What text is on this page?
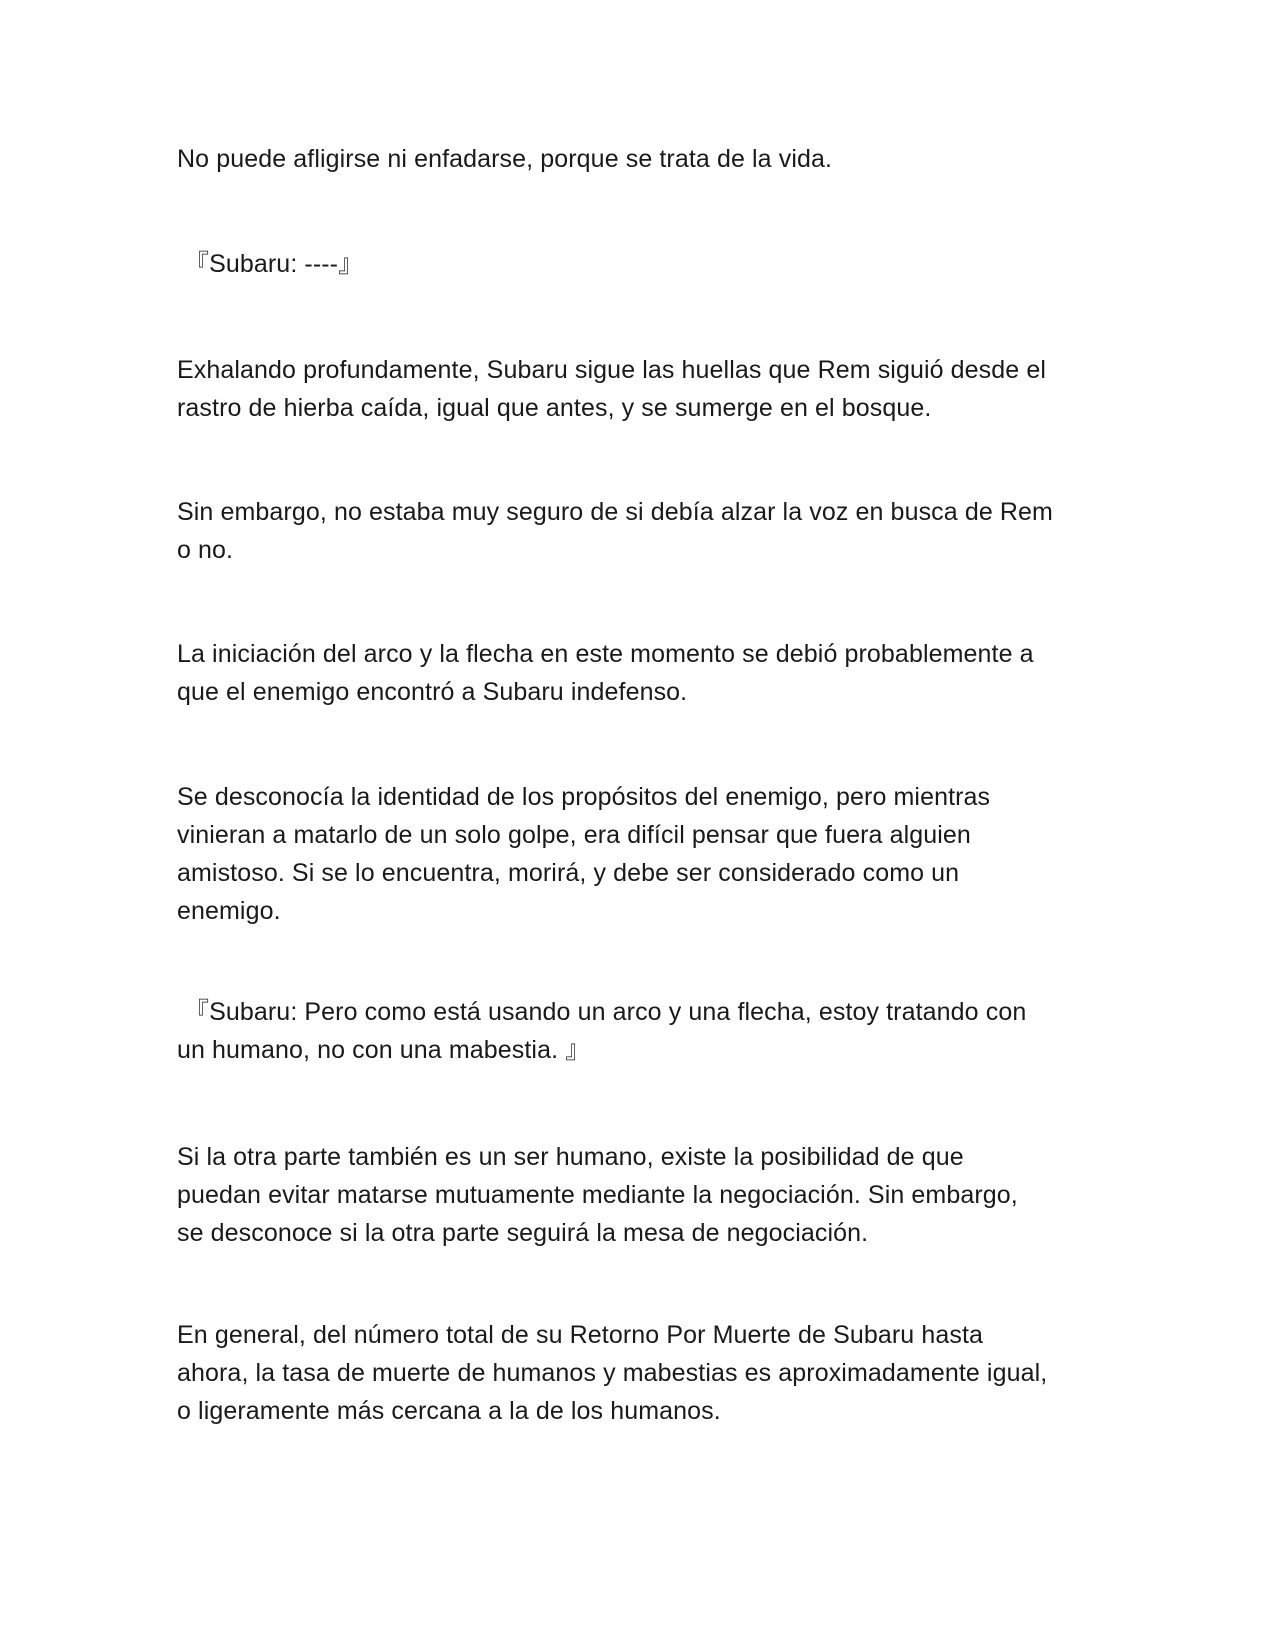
No puede afligirse ni enfadarse, porque se trata de la vida.

『Subaru: ----』

Exhalando profundamente, Subaru sigue las huellas que Rem siguió desde el
rastro de hierba caída, igual que antes, y se sumerge en el bosque.

Sin embargo, no estaba muy seguro de si debía alzar la voz en busca de Rem
o no.

La iniciación del arco y la flecha en este momento se debió probablemente a
que el enemigo encontró a Subaru indefenso.

Se desconocía la identidad de los propósitos del enemigo, pero mientras
vinieran a matarlo de un solo golpe, era difícil pensar que fuera alguien
amistoso. Si se lo encuentra, morirá, y debe ser considerado como un
enemigo.

『Subaru: Pero como está usando un arco y una flecha, estoy tratando con
un humano, no con una mabestia. 』

Si la otra parte también es un ser humano, existe la posibilidad de que
puedan evitar matarse mutuamente mediante la negociación. Sin embargo,
se desconoce si la otra parte seguirá la mesa de negociación.

En general, del número total de su Retorno Por Muerte de Subaru hasta
ahora, la tasa de muerte de humanos y mabestias es aproximadamente igual,
o ligeramente más cercana a la de los humanos.
